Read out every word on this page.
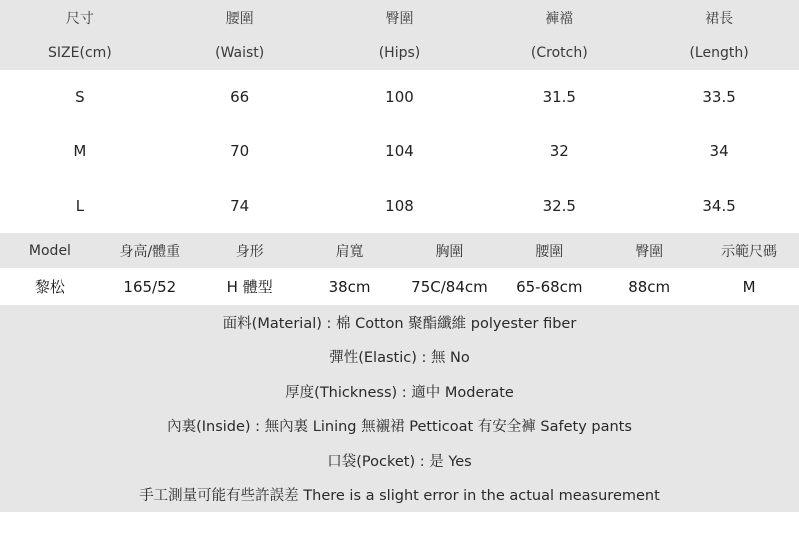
尺寸	腰圍	臀圍	褲襠	裙長
SIZE(cm)	(Waist)	(Hips)	(Crotch)	(Length)
S	66	100	31.5	33.5
M	70	104	32	34
L	74	108	32.5	34.5
Model	身高/體重	身形	肩寬	胸圍	腰圍	臀圍	示範尺碼
黎松	165/52	H 體型	38cm	75C/84cm	65-68cm	88cm	M
面料(Material) : 棉 Cotton 聚酯纖維 polyester fiber
彈性(Elastic) : 無 No
厚度(Thickness) : 適中 Moderate
內裏(Inside) : 無內裏 Lining 無襯裙 Petticoat 有安全褲 Safety pants
口袋(Pocket) : 是 Yes
手工測量可能有些許誤差 There is a slight error in the actual measurement
